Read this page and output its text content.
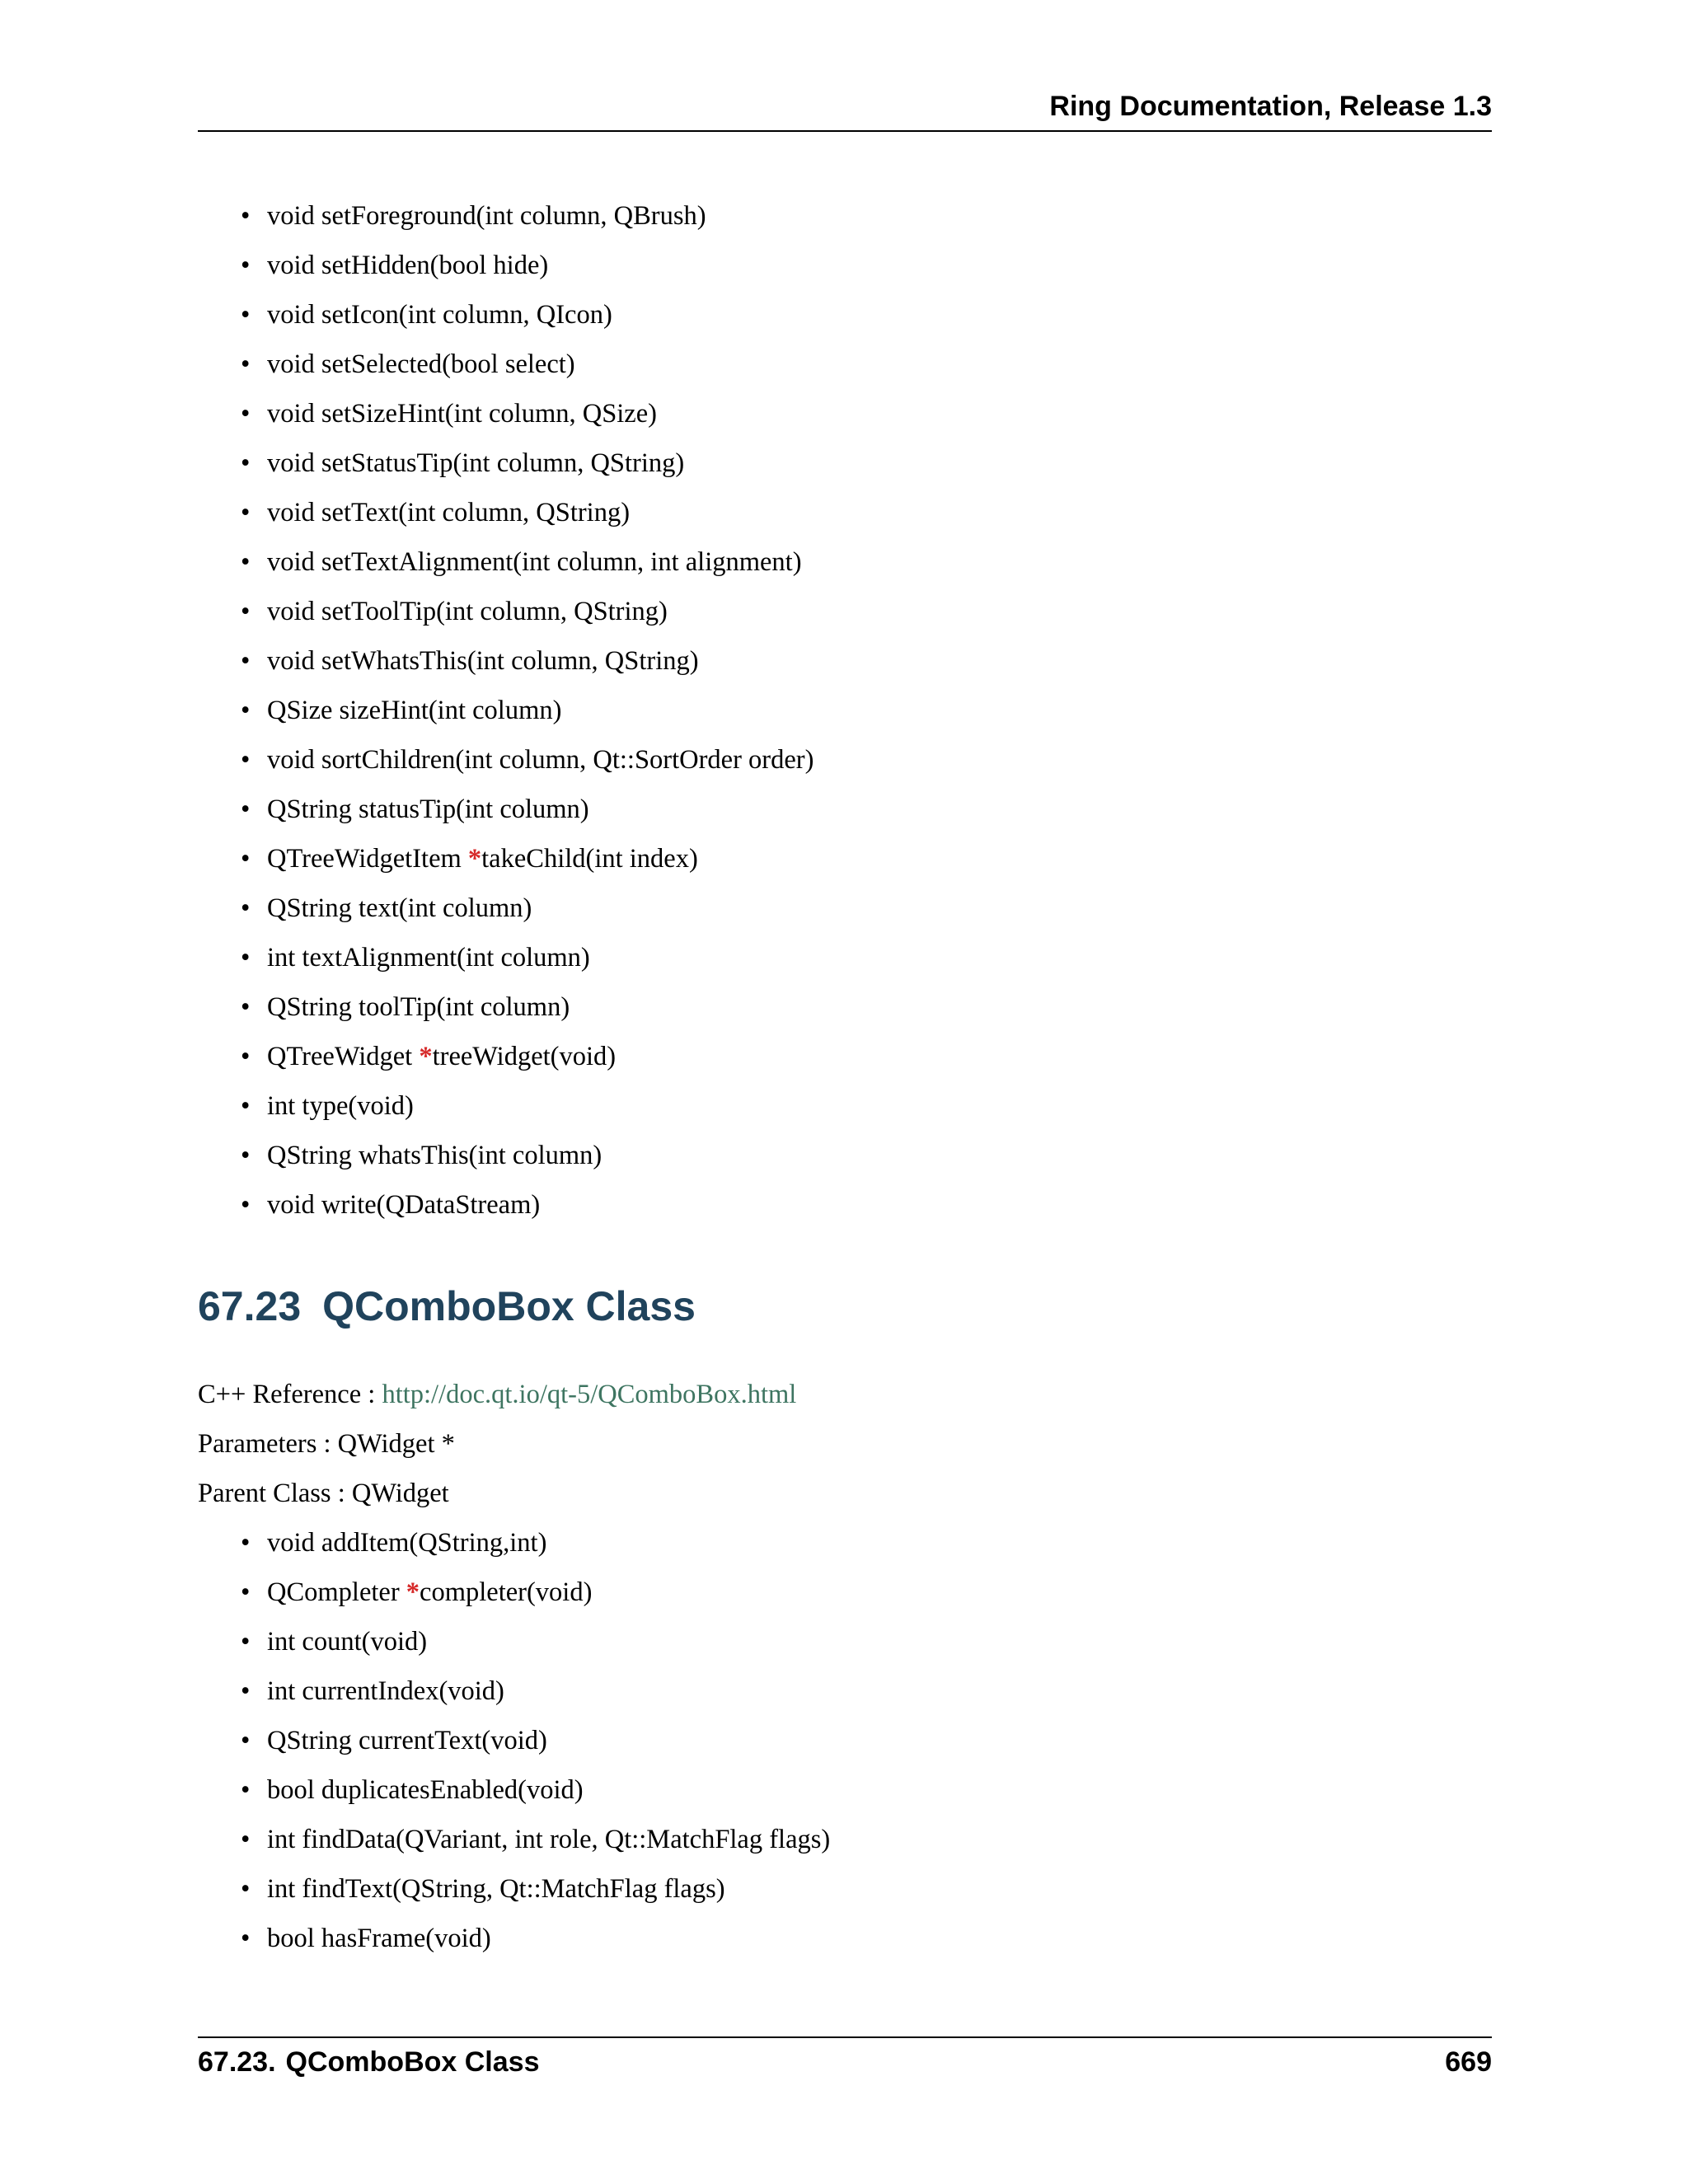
Ring Documentation, Release 1.3
• void setForeground(int column, QBrush)
• void setHidden(bool hide)
• void setIcon(int column, QIcon)
• void setSelected(bool select)
• void setSizeHint(int column, QSize)
• void setStatusTip(int column, QString)
• void setText(int column, QString)
• void setTextAlignment(int column, int alignment)
• void setToolTip(int column, QString)
• void setWhatsThis(int column, QString)
• QSize sizeHint(int column)
• void sortChildren(int column, Qt::SortOrder order)
• QString statusTip(int column)
• QTreeWidgetItem *takeChild(int index)
• QString text(int column)
• int textAlignment(int column)
• QString toolTip(int column)
• QTreeWidget *treeWidget(void)
• int type(void)
• QString whatsThis(int column)
• void write(QDataStream)
67.23 QComboBox Class
C++ Reference : http://doc.qt.io/qt-5/QComboBox.html
Parameters : QWidget *
Parent Class : QWidget
• void addItem(QString,int)
• QCompleter *completer(void)
• int count(void)
• int currentIndex(void)
• QString currentText(void)
• bool duplicatesEnabled(void)
• int findData(QVariant, int role, Qt::MatchFlag flags)
• int findText(QString, Qt::MatchFlag flags)
• bool hasFrame(void)
67.23. QComboBox Class	669
